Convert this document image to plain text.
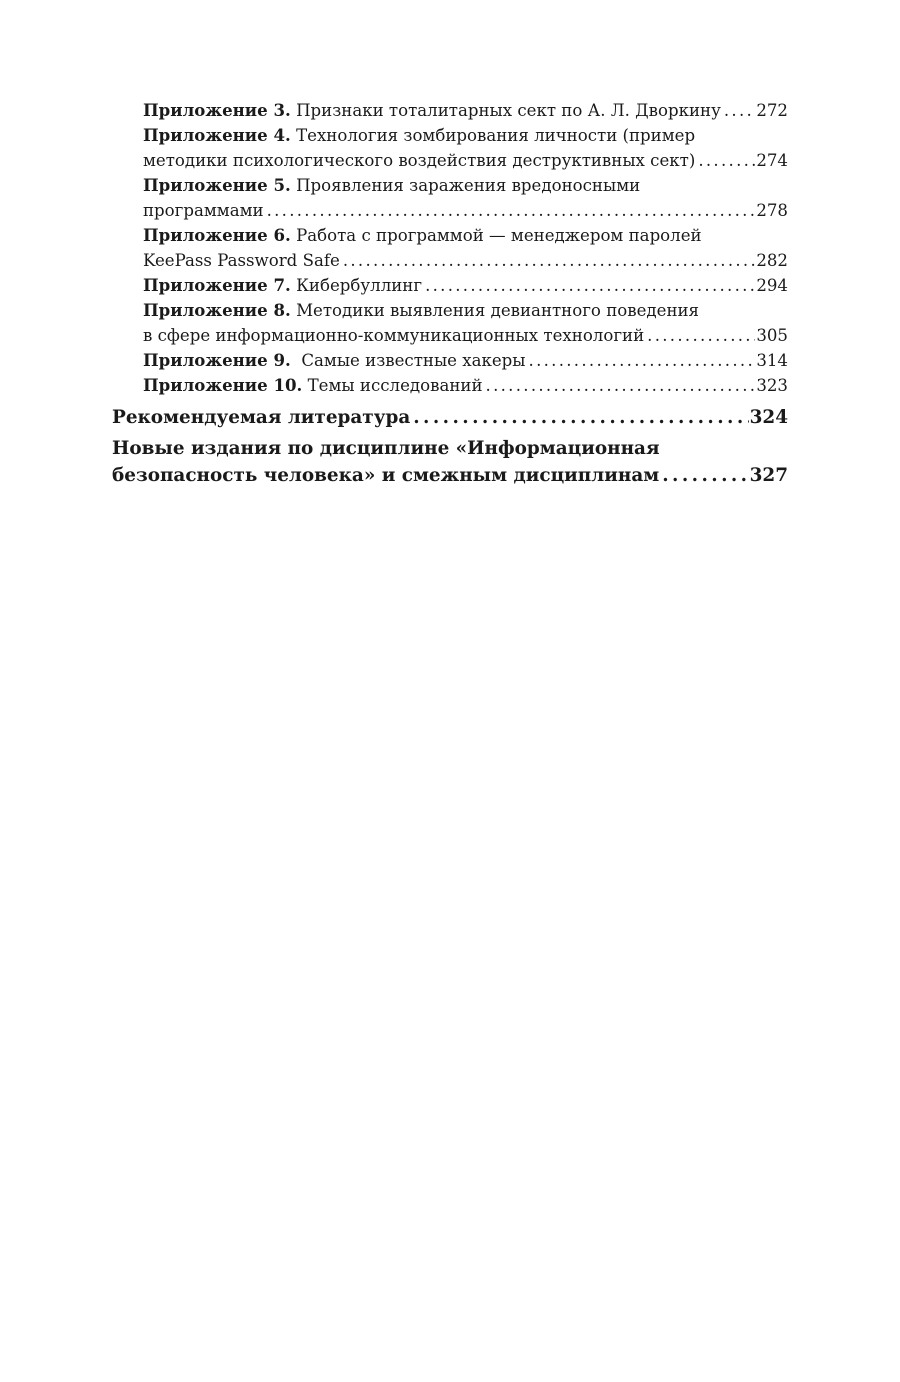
Приложение 3. Признаки тоталитарных сект по А. Л. Дворкину . . . 272
Приложение 4. Технология зомбирования личности (пример
методики психологического воздействия деструктивных сект) . . .	274
Приложение 5. Проявления заражения вредоносными
программами . . .	278
Приложение 6. Работа с программой — менеджером паролей
KeePass Password Safe . . .	282
Приложение 7. Кибербуллинг . . .	294
Приложение 8. Методики выявления девиантного поведения
в сфере информационно-коммуникационных технологий . . .	305
Приложение 9.  Самые известные хакеры . . .	314
Приложение 10. Темы исследований . . .	323
Рекомендуемая литература . . .	324
Новые издания по дисциплине «Информационная
безопасность человека» и смежным дисциплинам . . .	327
